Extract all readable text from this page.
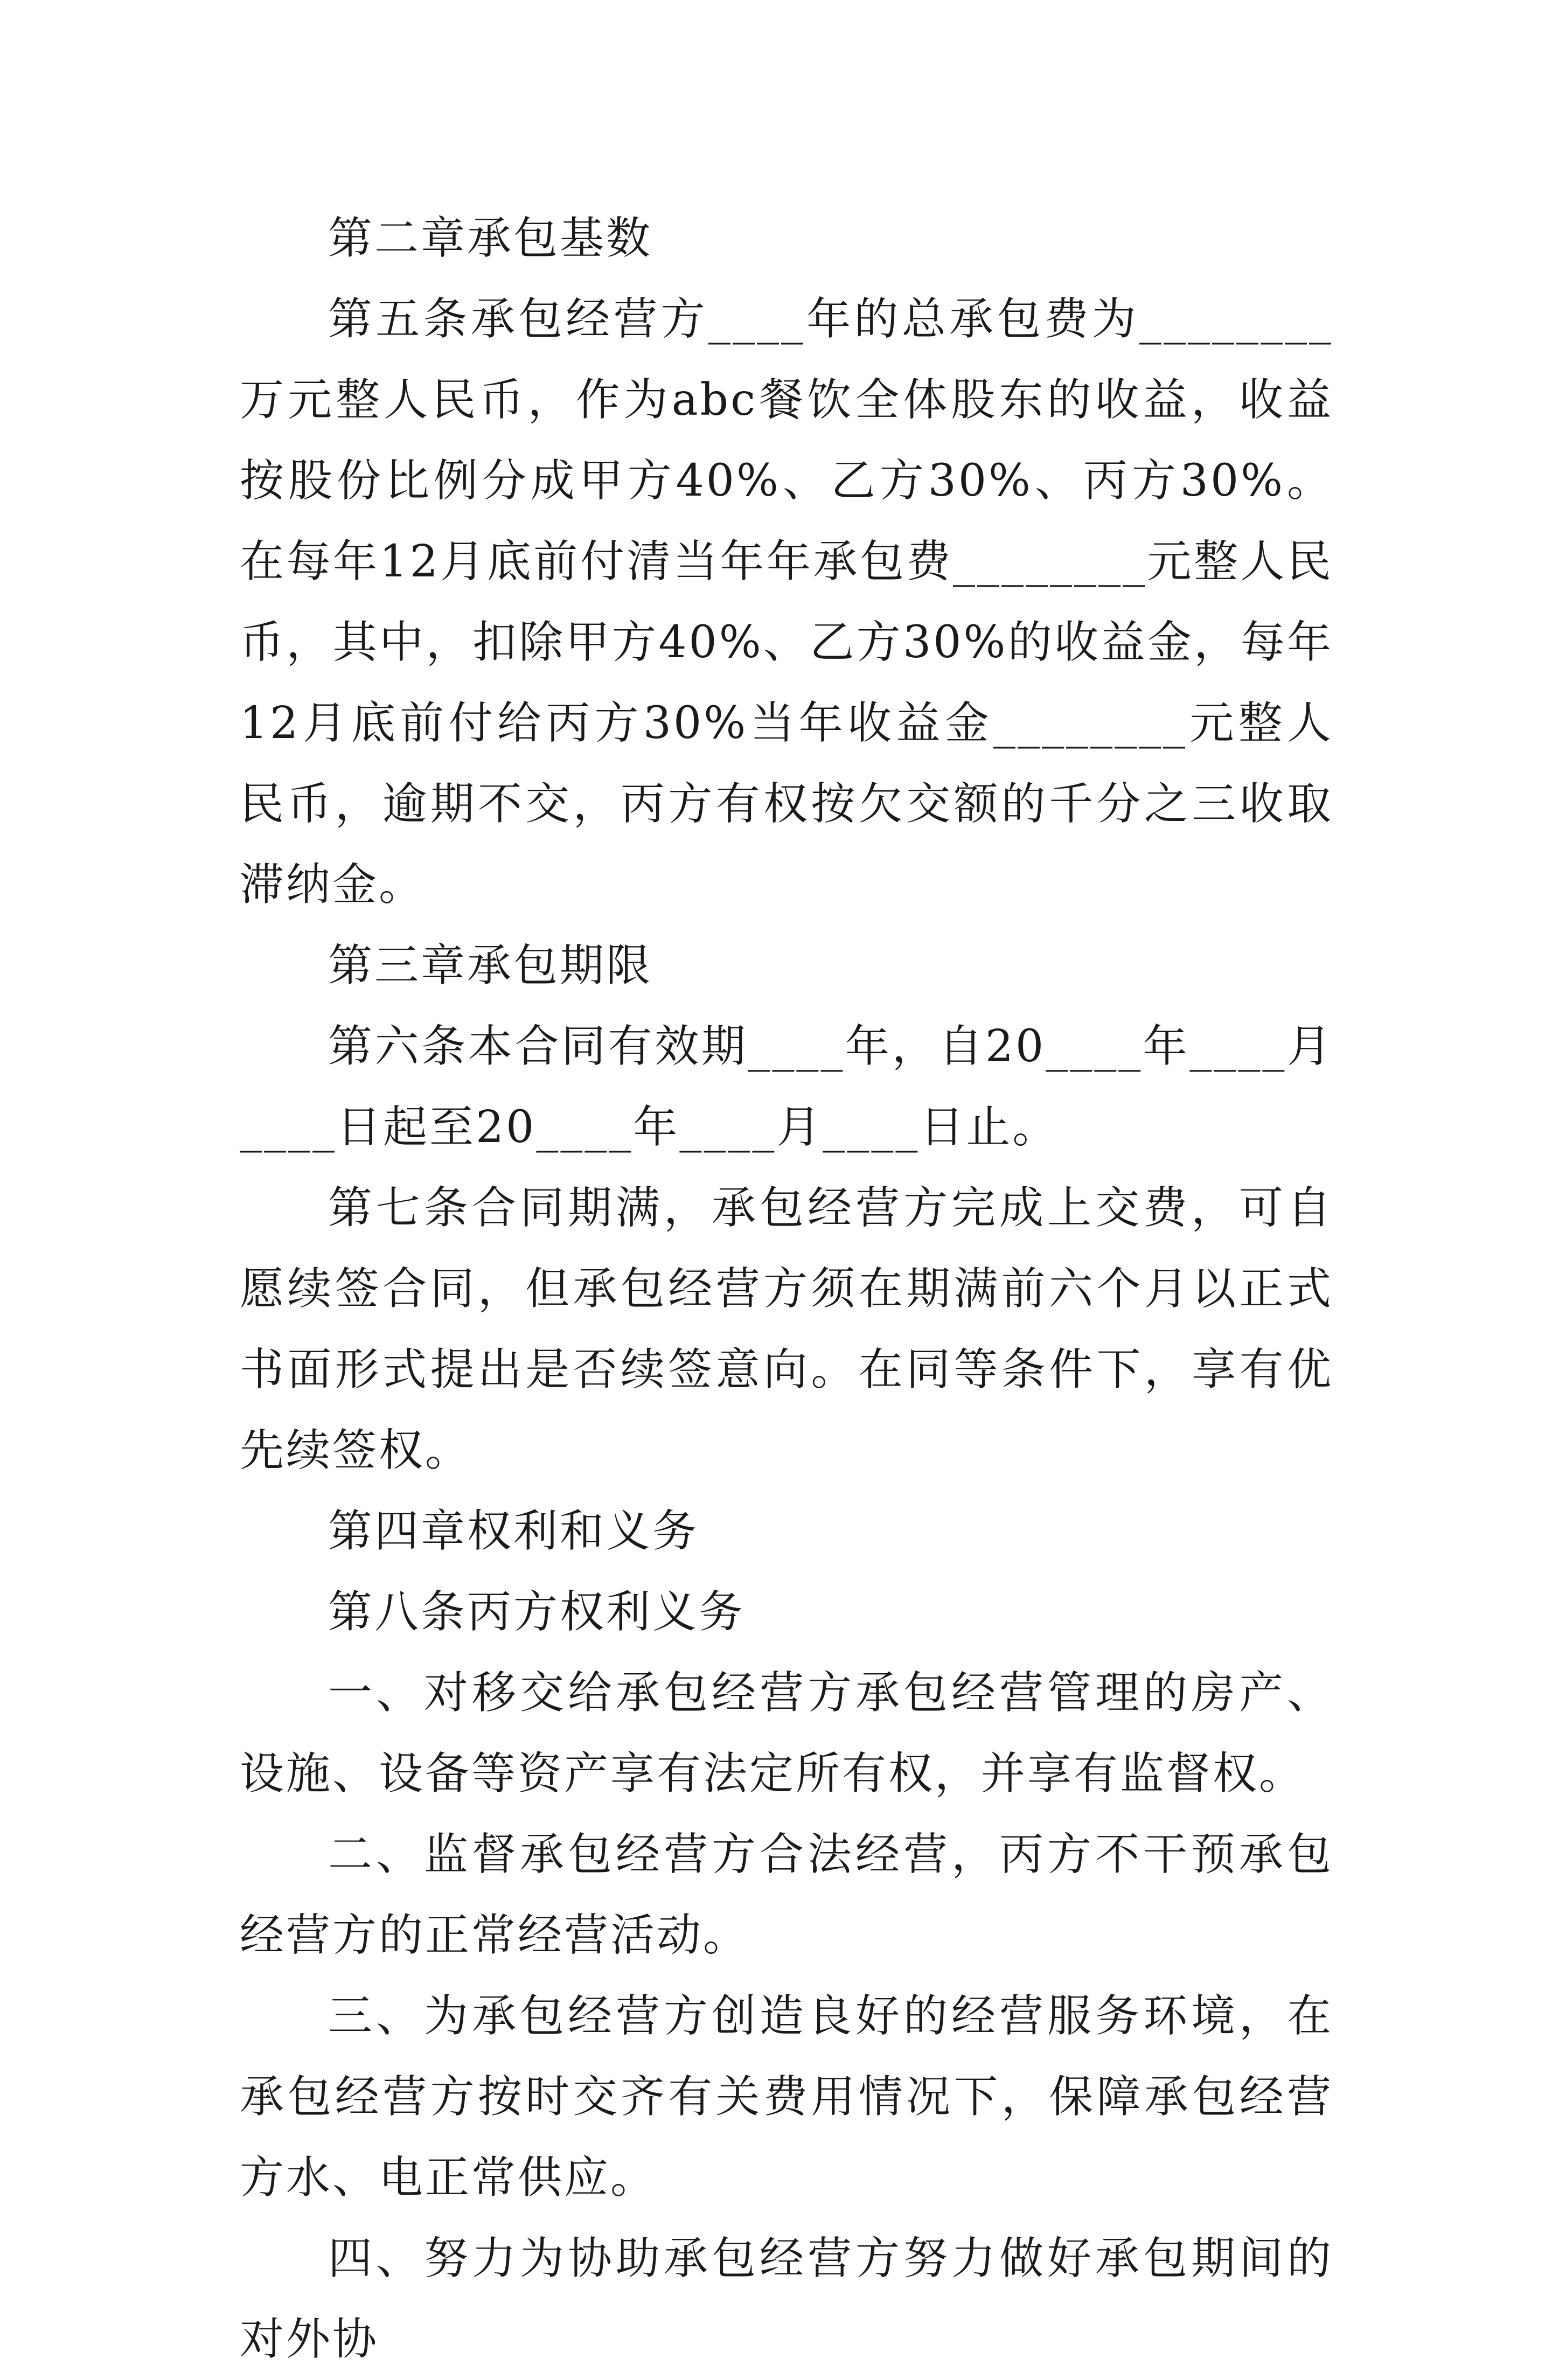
第二章承包基数

第五条承包经营方____年的总承包费为________万元整人民币，作为abc餐饮全体股东的收益，收益按股份比例分成甲方40%、乙方30%、丙方30%。在每年12月底前付清当年年承包费________元整人民币，其中，扣除甲方40%、乙方30%的收益金，每年12月底前付给丙方30%当年收益金________元整人民币，逾期不交，丙方有权按欠交额的千分之三收取滞纳金。

第三章承包期限

第六条本合同有效期____年，自20____年____月____日起至20____年____月____日止。

第七条合同期满，承包经营方完成上交费，可自愿续签合同，但承包经营方须在期满前六个月以正式书面形式提出是否续签意向。在同等条件下，享有优先续签权。

第四章权利和义务

第八条丙方权利义务

一、对移交给承包经营方承包经营管理的房产、设施、设备等资产享有法定所有权，并享有监督权。

二、监督承包经营方合法经营，丙方不干预承包经营方的正常经营活动。

三、为承包经营方创造良好的经营服务环境，在承包经营方按时交齐有关费用情况下，保障承包经营方水、电正常供应。

四、努力为协助承包经营方努力做好承包期间的对外协
